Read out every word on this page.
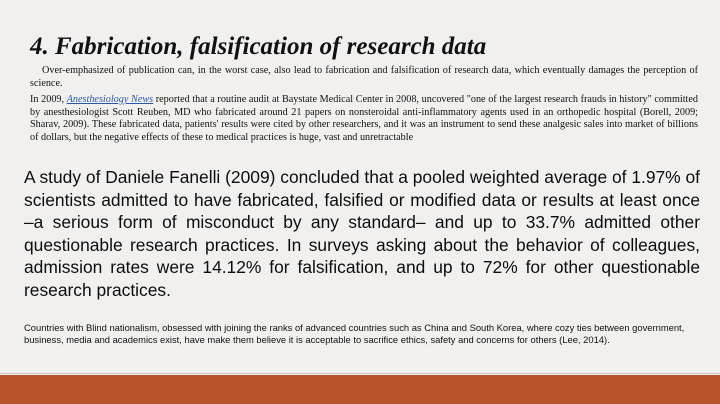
4. Fabrication, falsification of research data

Over-emphasized of publication can, in the worst case, also lead to fabrication and falsification of research data, which eventually damages the perception of science.

In 2009, Anesthesiology News reported that a routine audit at Baystate Medical Center in 2008, uncovered "one of the largest research frauds in history" committed by anesthesiologist Scott Reuben, MD who fabricated around 21 papers on nonsteroidal anti-inflammatory agents used in an orthopedic hospital (Borell, 2009; Sharav, 2009). These fabricated data, patients' results were cited by other researchers, and it was an instrument to send these analgesic sales into market of billions of dollars, but the negative effects of these to medical practices is huge, vast and unretractable

A study of Daniele Fanelli (2009) concluded that a pooled weighted average of 1.97% of scientists admitted to have fabricated, falsified or modified data or results at least once –a serious form of misconduct by any standard– and up to 33.7% admitted other questionable research practices. In surveys asking about the behavior of colleagues, admission rates were 14.12% for falsification, and up to 72% for other questionable research practices.

Countries with Blind nationalism, obsessed with joining the ranks of advanced countries such as China and South Korea, where cozy ties between government, business, media and academics exist, have make them believe it is acceptable to sacrifice ethics, safety and concerns for others (Lee, 2014).
